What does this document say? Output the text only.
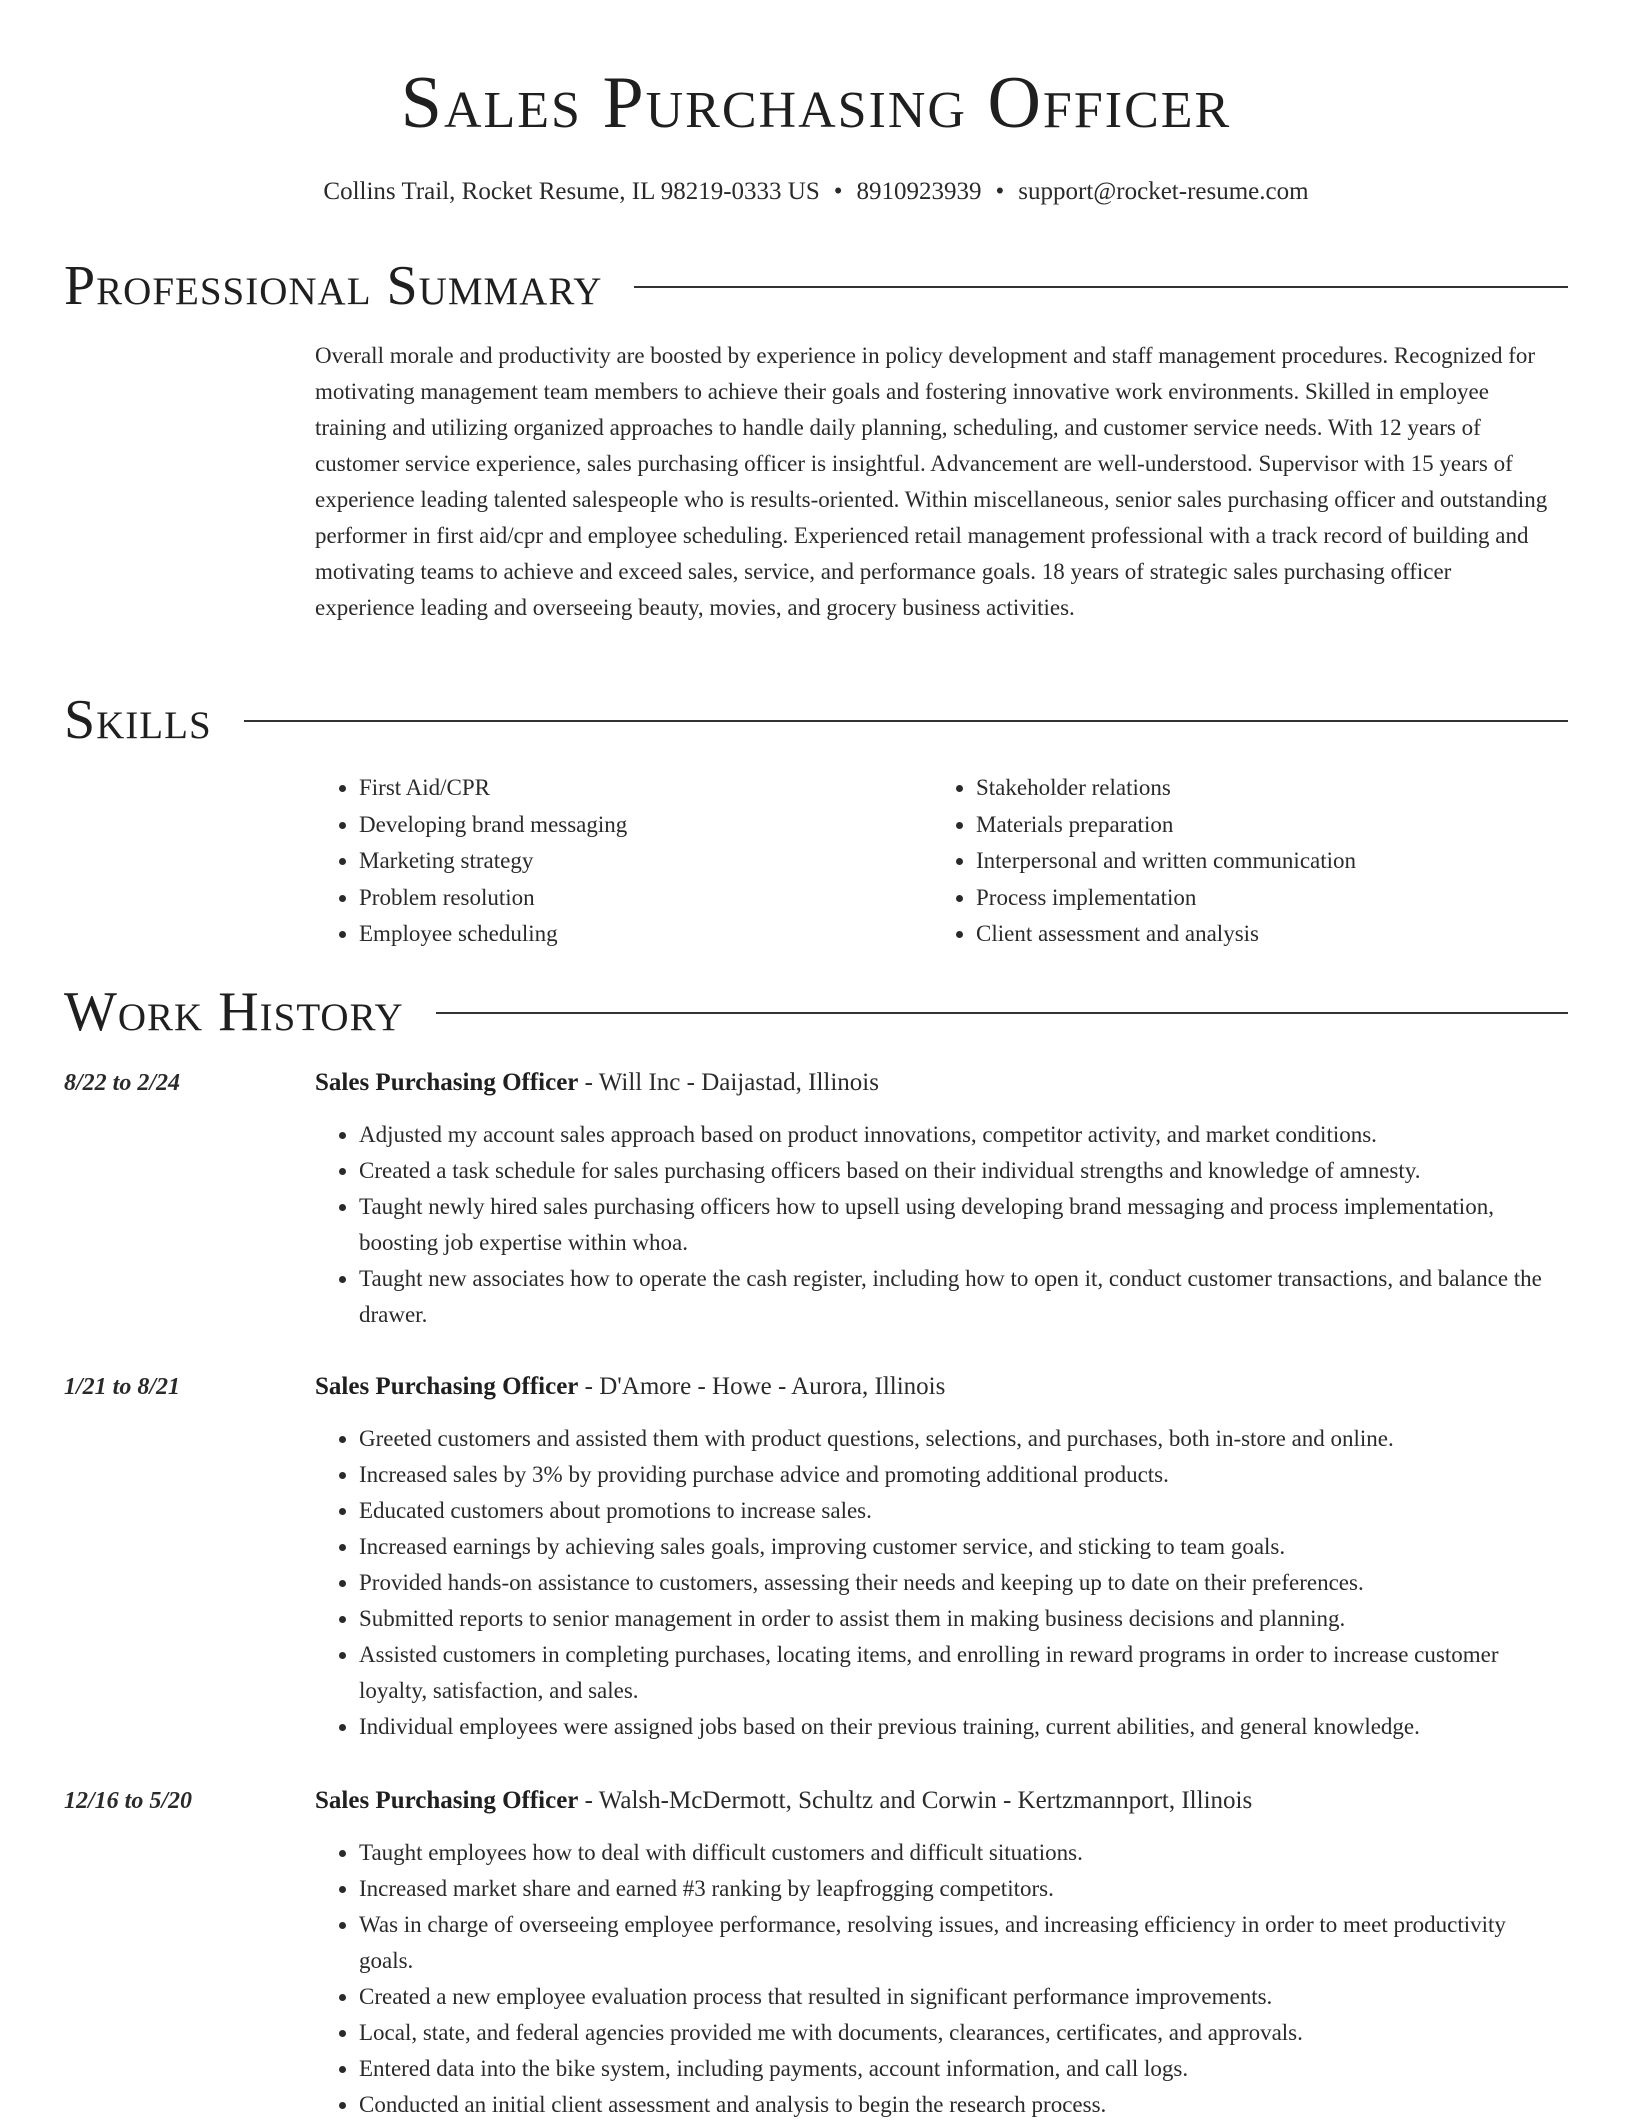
Sales Purchasing Officer
Collins Trail, Rocket Resume, IL 98219-0333 US • 8910923939 • support@rocket-resume.com
Professional Summary

Overall morale and productivity are boosted by experience in policy development and staff management procedures. Recognized for motivating management team members to achieve their goals and fostering innovative work environments. Skilled in employee training and utilizing organized approaches to handle daily planning, scheduling, and customer service needs. With 12 years of customer service experience, sales purchasing officer is insightful. Advancement are well-understood. Supervisor with 15 years of experience leading talented salespeople who is results-oriented. Within miscellaneous, senior sales purchasing officer and outstanding performer in first aid/cpr and employee scheduling. Experienced retail management professional with a track record of building and motivating teams to achieve and exceed sales, service, and performance goals. 18 years of strategic sales purchasing officer experience leading and overseeing beauty, movies, and grocery business activities.

Skills
• First Aid/CPR
• Developing brand messaging
• Marketing strategy
• Problem resolution
• Employee scheduling
• Stakeholder relations
• Materials preparation
• Interpersonal and written communication
• Process implementation
• Client assessment and analysis
Work History
8/22 to 2/24	Sales Purchasing Officer - Will Inc - Daijastad, Illinois
• Adjusted my account sales approach based on product innovations, competitor activity, and market conditions.
• Created a task schedule for sales purchasing officers based on their individual strengths and knowledge of amnesty.
• Taught newly hired sales purchasing officers how to upsell using developing brand messaging and process implementation, boosting job expertise within whoa.
• Taught new associates how to operate the cash register, including how to open it, conduct customer transactions, and balance the drawer.
1/21 to 8/21	Sales Purchasing Officer - D'Amore - Howe - Aurora, Illinois
• Greeted customers and assisted them with product questions, selections, and purchases, both in-store and online.
• Increased sales by 3% by providing purchase advice and promoting additional products.
• Educated customers about promotions to increase sales.
• Increased earnings by achieving sales goals, improving customer service, and sticking to team goals.
• Provided hands-on assistance to customers, assessing their needs and keeping up to date on their preferences.
• Submitted reports to senior management in order to assist them in making business decisions and planning.
• Assisted customers in completing purchases, locating items, and enrolling in reward programs in order to increase customer loyalty, satisfaction, and sales.
• Individual employees were assigned jobs based on their previous training, current abilities, and general knowledge.
12/16 to 5/20	Sales Purchasing Officer - Walsh-McDermott, Schultz and Corwin - Kertzmannport, Illinois
• Taught employees how to deal with difficult customers and difficult situations.
• Increased market share and earned #3 ranking by leapfrogging competitors.
• Was in charge of overseeing employee performance, resolving issues, and increasing efficiency in order to meet productivity goals.
• Created a new employee evaluation process that resulted in significant performance improvements.
• Local, state, and federal agencies provided me with documents, clearances, certificates, and approvals.
• Entered data into the bike system, including payments, account information, and call logs.
• Conducted an initial client assessment and analysis to begin the research process.
